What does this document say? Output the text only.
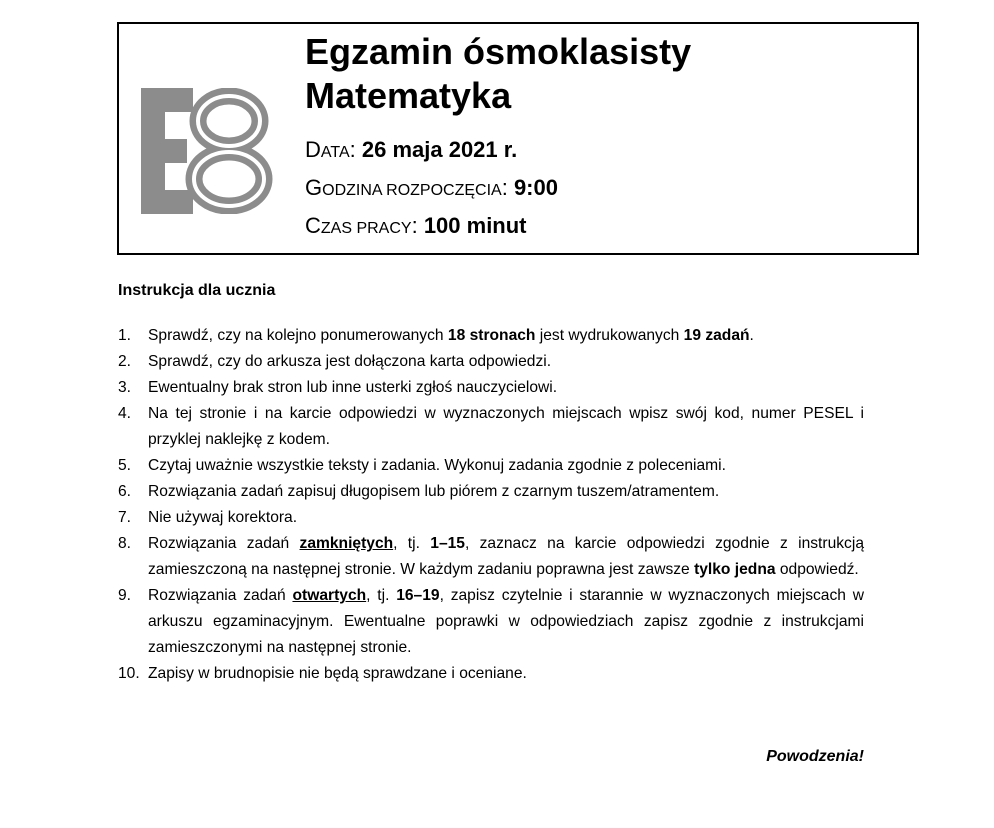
Egzamin ósmoklasisty

Matematyka

DATA: 26 maja 2021 r.
GODZINA ROZPOCZĘCIA: 9:00
CZAS PRACY: 100 minut

Instrukcja dla ucznia

1. Sprawdź, czy na kolejno ponumerowanych 18 stronach jest wydrukowanych 19 zadań.
2. Sprawdź, czy do arkusza jest dołączona karta odpowiedzi.
3. Ewentualny brak stron lub inne usterki zgłoś nauczycielowi.
4. Na tej stronie i na karcie odpowiedzi w wyznaczonych miejscach wpisz swój kod, numer PESEL i przyklej naklejkę z kodem.
5. Czytaj uważnie wszystkie teksty i zadania. Wykonuj zadania zgodnie z poleceniami.
6. Rozwiązania zadań zapisuj długopisem lub piórem z czarnym tuszem/atramentem.
7. Nie używaj korektora.
8. Rozwiązania zadań zamkniętych, tj. 1–15, zaznacz na karcie odpowiedzi zgodnie z instrukcją zamieszczoną na następnej stronie. W każdym zadaniu poprawna jest zawsze tylko jedna odpowiedź.
9. Rozwiązania zadań otwartych, tj. 16–19, zapisz czytelnie i starannie w wyznaczonych miejscach w arkuszu egzaminacyjnym. Ewentualne poprawki w odpowiedziach zapisz zgodnie z instrukcjami zamieszczonymi na następnej stronie.
10. Zapisy w brudnopisie nie będą sprawdzane i oceniane.
Powodzenia!
